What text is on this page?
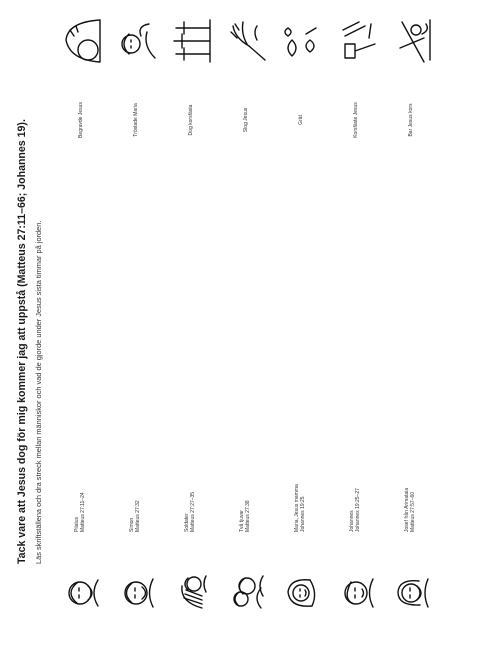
Tack vare att Jesus dog för mig kommer jag att uppstå (Matteus 27:11–66; Johannes 19). Läs skriftställena och dra streck mellan människor och vad de gjorde under Jesus sista timmar på jorden.	Pilatus Matteus 27:11–24	Simon Matteus 27:32	Soldater Matteus 27:27–35	Två tjuvar Matteus 27:38	Maria, Jesus mamma Johannes 19:25	Johannes Johannes 19:25–27	Josef från Arimataia Matteus 27:57–60
Begravde Jesus	Tröstade Maria	Dog korsfästa	Slog Jesus	Grät	Korsfäste Jesus	Bar Jesus kors
